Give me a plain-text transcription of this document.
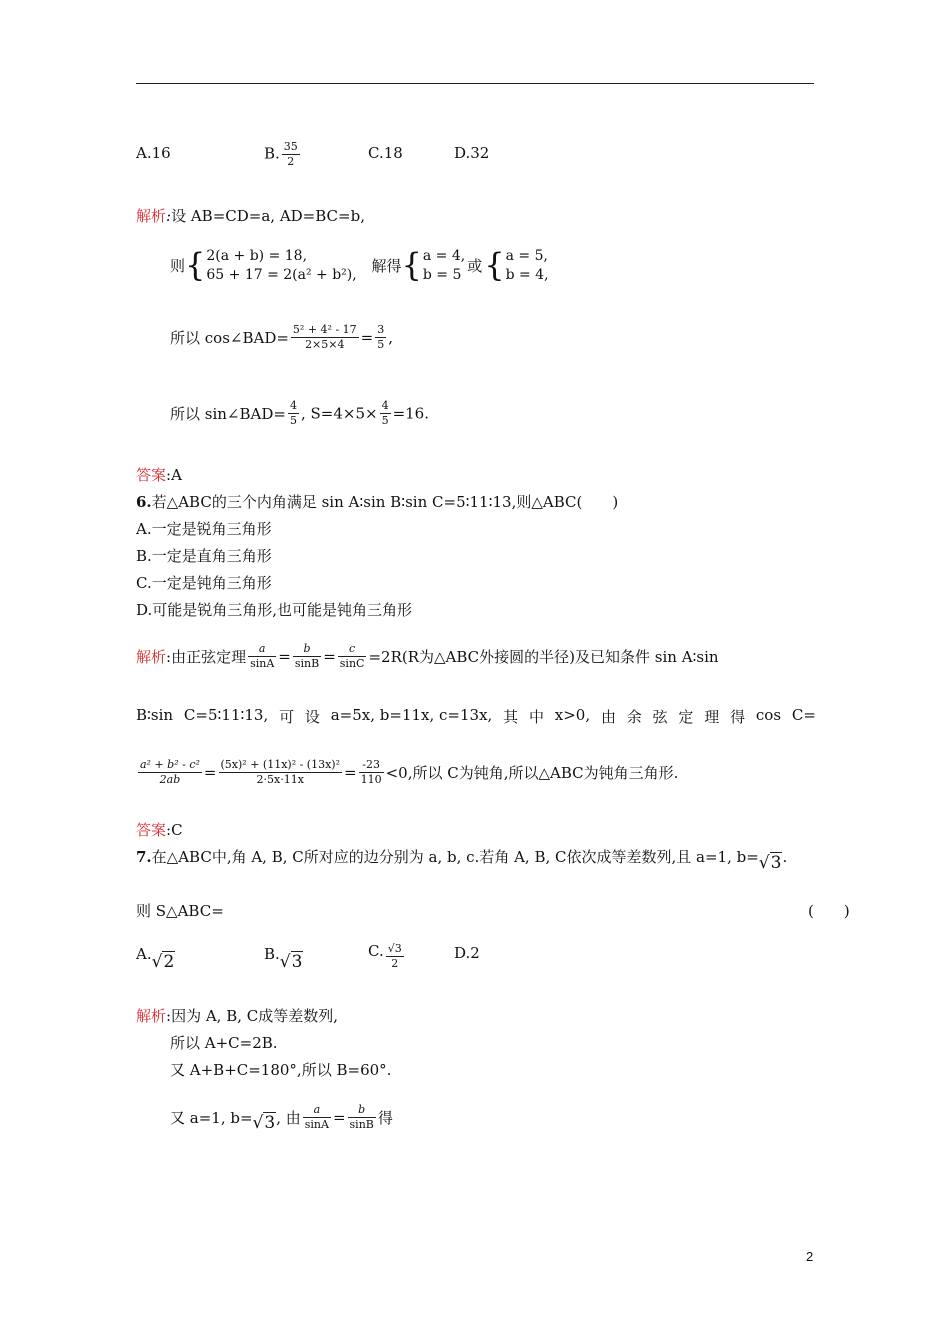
A.16	B. $\frac{35}{2}$	C.18	D.32
解析:设 AB=CD=a, AD=BC=b,
则{ 2(a + b) = 18,
65 + 17 = 2(a² + b²), 解得{ a = 4,
b = 5 或{ a = 5,
b = 4,
所以 cos∠BAD= $\frac{\text{5² + 4² - 17}}{2\times 5\times 4} = \frac{3}{5}$ ,
所以 sin∠BAD= $\frac{4}{5}$ , $S=4\times 5\times \frac{4}{5} =16$.
答案:A
6.若△ABC的三个内角满足 sin A∶sin B∶sin C=5∶11∶13,则△ABC(　　)
A.一定是锐角三角形
B.一定是直角三角形
C.一定是钝角三角形
D.可能是锐角三角形,也可能是钝角三角形
解析:由正弦定理 $\frac{a}{\sin A} = \frac{b}{\sin B} = \frac{c}{\sin C} =2R(R$为△ABC外接圆的半径)及已知条件 sin A∶sin
B∶sin C=5∶11∶13, 可 设 a=5x, b=11x, c=13x, 其 中 x>0, 由 余 弦 定 理 得 cos C=
$\frac{\text{a² + b² - c²}}{2ab} = \frac{\text{(5x)² + (11x)² - (13x)²}}{2\cdot 5x\cdot 11x} = \frac{-23}{110} <0$,所以 C为钝角,所以△ABC为钝角三角形.
答案:C
7.在△ABC中,角 A, B, C所对应的边分别为 a, b, c.若角 A, B, C依次成等差数列,且 a=1, b=√3.
则 S△ABC=	(　　)
A.√2	B.√3
C. $\frac{√3}{2}$	D.2
解析:因为 A, B, C成等差数列,
所以 A+C=2B.
又 A+B+C=180°,所以 B=60°.
又 a=1, b=√3, 由 $\frac{a}{\sin A} = \frac{b}{\sin B}$ 得
2
